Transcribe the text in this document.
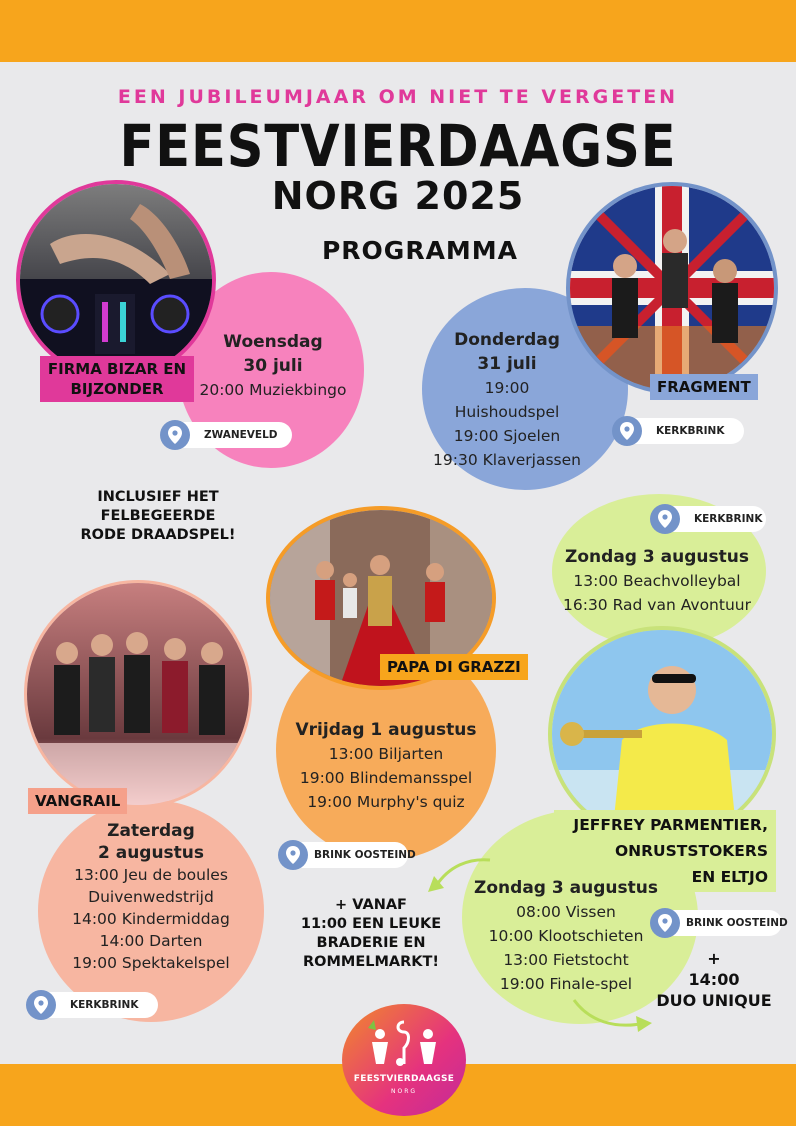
EEN JUBILEUMJAAR OM NIET TE VERGETEN
FEESTVIERDAAGSE
NORG 2025
PROGRAMMA
FIRMA BIZAR EN BIJZONDER
Woensdag
30 juli
20:00 Muziekbingo
ZWANEVELD
FRAGMENT
Donderdag
31 juli
19:00 Huishoudspel
19:00 Sjoelen
19:30 Klaverjassen
KERKBRINK
KERKBRINK
Zondag 3 augustus
13:00 Beachvolleybal
16:30 Rad van Avontuur
INCLUSIEF HET
FELBEGEERDE
RODE DRAADSPEL!
PAPA DI GRAZZI
Vrijdag 1 augustus
13:00 Biljarten
19:00 Blindemansspel
19:00 Murphy's quiz
BRINK OOSTEIND
VANGRAIL
Zaterdag
2 augustus
13:00 Jeu de boules
Duivenwedstrijd
14:00 Kindermiddag
14:00 Darten
19:00 Spektakelspel
KERKBRINK
JEFFREY PARMENTIER,
ONRUSTSTOKERS
EN ELTJO
Zondag 3 augustus
08:00 Vissen
10:00 Klootschieten
13:00 Fietstocht
19:00 Finale-spel
BRINK OOSTEIND
+ VANAF
11:00 EEN LEUKE
BRADERIE EN
ROMMELMARKT!	+
14:00
DUO UNIQUE
FEESTVIERDAAGSE
NORG
